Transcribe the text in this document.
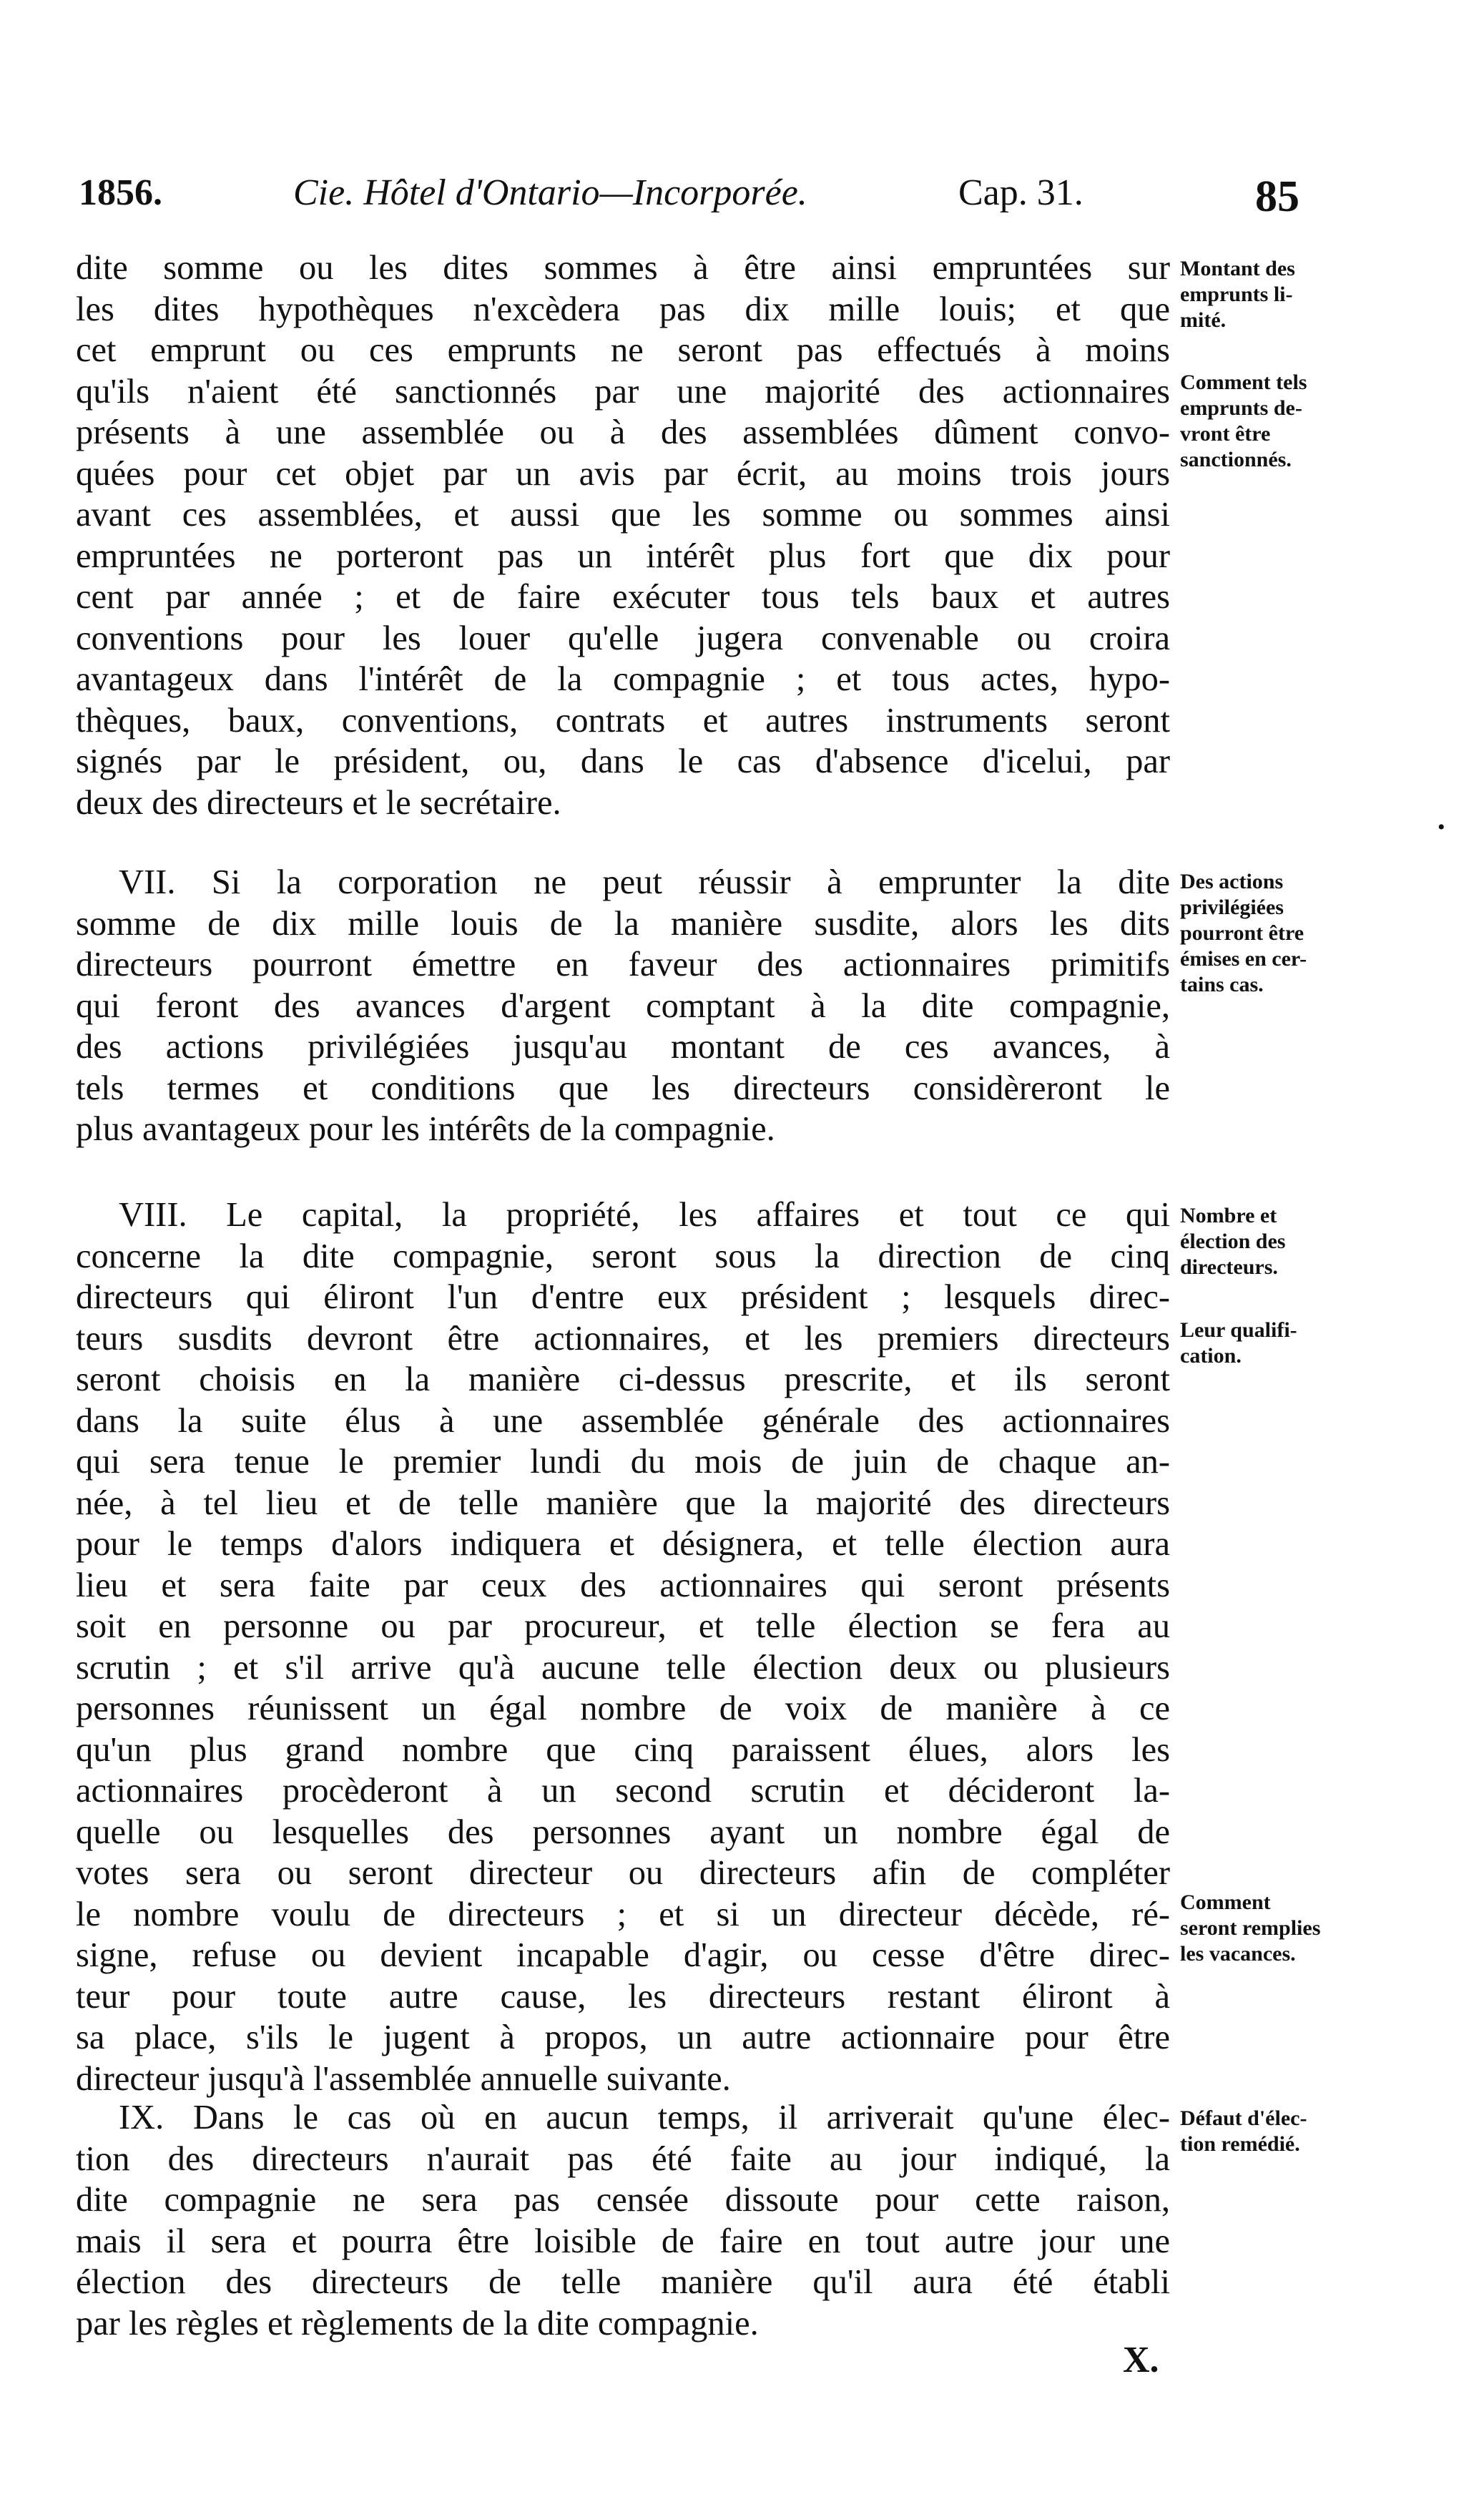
1856.	Cie. Hôtel d'Ontario—Incorporée.	Cap. 31.	85
dite somme ou les dites sommes à être ainsi empruntées sur
les dites hypothèques n'excèdera pas dix mille louis; et que
cet emprunt ou ces emprunts ne seront pas effectués à moins
qu'ils n'aient été sanctionnés par une majorité des actionnaires
présents à une assemblée ou à des assemblées dûment convo-
quées pour cet objet par un avis par écrit, au moins trois jours
avant ces assemblées, et aussi que les somme ou sommes ainsi
empruntées ne porteront pas un intérêt plus fort que dix pour
cent par année ; et de faire exécuter tous tels baux et autres
conventions pour les louer qu'elle jugera convenable ou croira
avantageux dans l'intérêt de la compagnie ; et tous actes, hypo-
thèques, baux, conventions, contrats et autres instruments seront
signés par le président, ou, dans le cas d'absence d'icelui, par
deux des directeurs et le secrétaire.
VII. Si la corporation ne peut réussir à emprunter la dite
somme de dix mille louis de la manière susdite, alors les dits
directeurs pourront émettre en faveur des actionnaires primitifs
qui feront des avances d'argent comptant à la dite compagnie,
des actions privilégiées jusqu'au montant de ces avances, à
tels termes et conditions que les directeurs considèreront le
plus avantageux pour les intérêts de la compagnie.
VIII. Le capital, la propriété, les affaires et tout ce qui
concerne la dite compagnie, seront sous la direction de cinq
directeurs qui éliront l'un d'entre eux président ; lesquels direc-
teurs susdits devront être actionnaires, et les premiers directeurs
seront choisis en la manière ci-dessus prescrite, et ils seront
dans la suite élus à une assemblée générale des actionnaires
qui sera tenue le premier lundi du mois de juin de chaque an-
née, à tel lieu et de telle manière que la majorité des directeurs
pour le temps d'alors indiquera et désignera, et telle élection aura
lieu et sera faite par ceux des actionnaires qui seront présents
soit en personne ou par procureur, et telle élection se fera au
scrutin ; et s'il arrive qu'à aucune telle élection deux ou plusieurs
personnes réunissent un égal nombre de voix de manière à ce
qu'un plus grand nombre que cinq paraissent élues, alors les
actionnaires procèderont à un second scrutin et décideront la-
quelle ou lesquelles des personnes ayant un nombre égal de
votes sera ou seront directeur ou directeurs afin de compléter
le nombre voulu de directeurs ; et si un directeur décède, ré-
signe, refuse ou devient incapable d'agir, ou cesse d'être direc-
teur pour toute autre cause, les directeurs restant éliront à
sa place, s'ils le jugent à propos, un autre actionnaire pour être
directeur jusqu'à l'assemblée annuelle suivante.
IX. Dans le cas où en aucun temps, il arriverait qu'une élec-
tion des directeurs n'aurait pas été faite au jour indiqué, la
dite compagnie ne sera pas censée dissoute pour cette raison,
mais il sera et pourra être loisible de faire en tout autre jour une
élection des directeurs de telle manière qu'il aura été établi
par les règles et règlements de la dite compagnie.
Montant des
emprunts li-
mité.
Comment tels
emprunts de-
vront être
sanctionnés.
Des actions
privilégiées
pourront être
émises en cer-
tains cas.
Nombre et
élection des
directeurs.
Leur qualifi-
cation.
Comment
seront remplies
les vacances.
Défaut d'élec-
tion remédié.
X.
•
